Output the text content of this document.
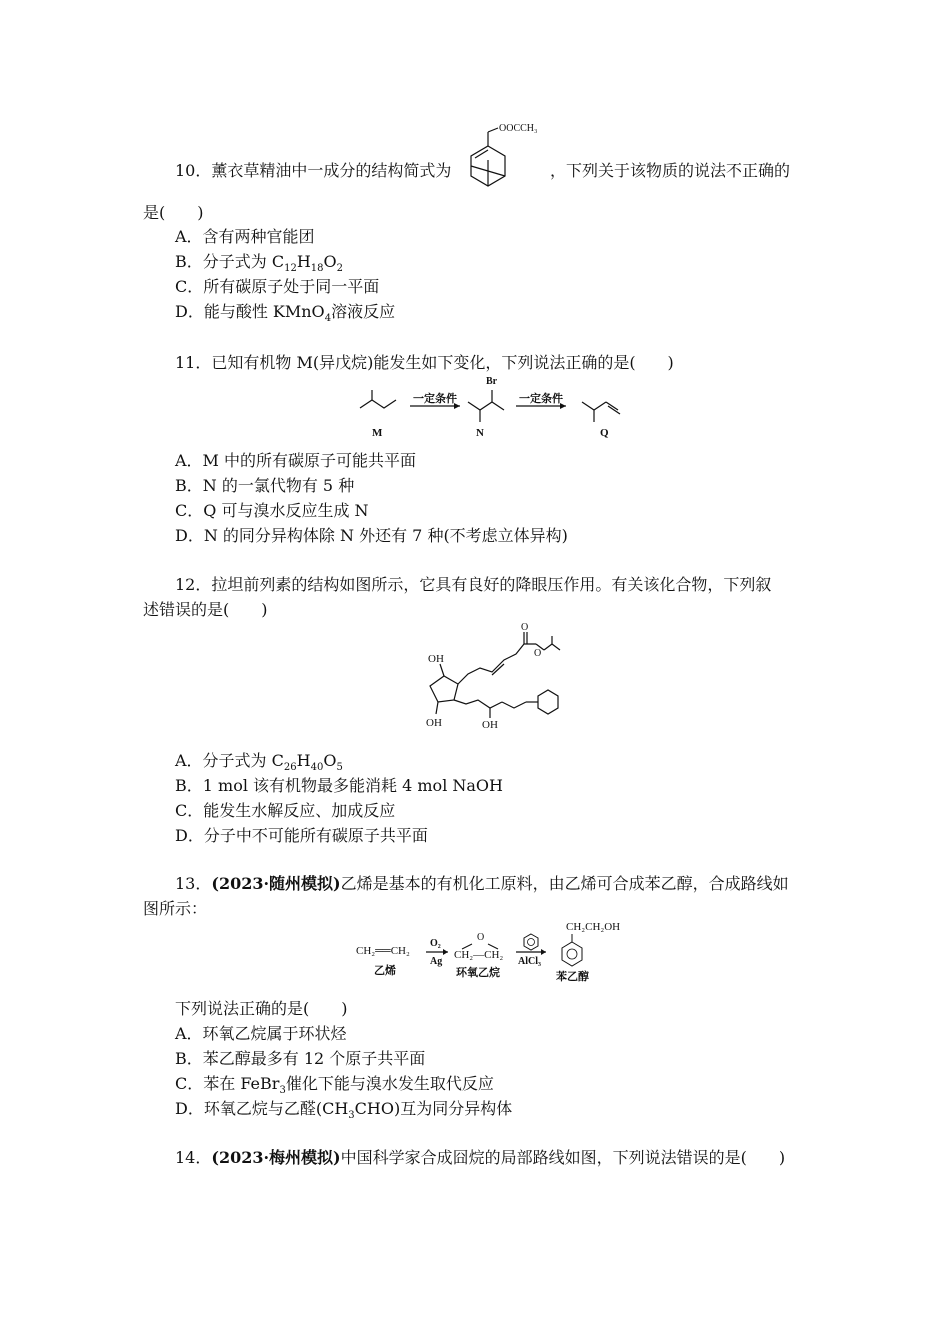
OOCCH₃
10．薰衣草精油中一成分的结构简式为	，下列关于该物质的说法不正确的
是(　　)
A．含有两种官能团
B．分子式为 $C_{12}H_{18}O_2$
C．所有碳原子处于同一平面
D．能与酸性 KMnO$_4$溶液反应
11．已知有机物 M(异戊烷)能发生如下变化，下列说法正确的是(　　)
M
一定条件
Br
N
一定条件
Q
A．M 中的所有碳原子可能共平面
B．N 的一氯代物有 5 种
C．Q 可与溴水反应生成 N
D．N 的同分异构体除 N 外还有 7 种(不考虑立体异构)
12．拉坦前列素的结构如图所示，它具有良好的降眼压作用。有关该化合物，下列叙
述错误的是(　　)
O
O
OH
OH	OH
A．分子式为 $C_{26}H_{40}O_5$
B．1 mol 该有机物最多能消耗 4 mol NaOH
C．能发生水解反应、加成反应
D．分子中不可能所有碳原子共平面
13．(2023·随州模拟)乙烯是基本的有机化工原料，由乙烯可合成苯乙醇，合成路线如
图所示：
CH₂══CH₂
乙烯
O₂
Ag
O
CH₂—CH₂
环氧乙烷
AlCl₃
CH₂CH₂OH
苯乙醇
下列说法正确的是(　　)
A．环氧乙烷属于环状烃
B．苯乙醇最多有 12 个原子共平面
C．苯在 FeBr$_3$催化下能与溴水发生取代反应
D．环氧乙烷与乙醛$(CH_3CHO)$互为同分异构体
14．(2023·梅州模拟)中国科学家合成囧烷的局部路线如图，下列说法错误的是(　　)
